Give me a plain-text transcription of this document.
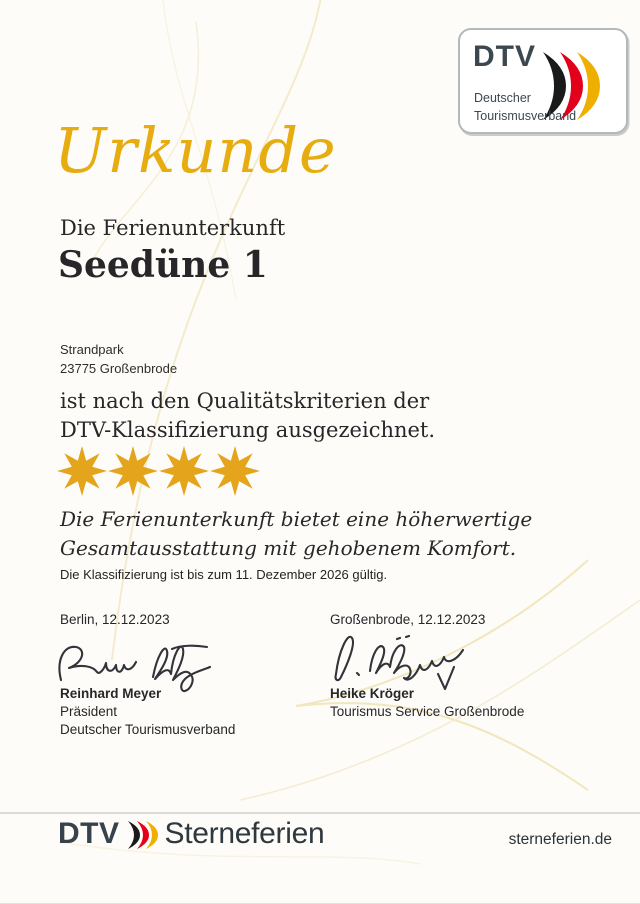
DTV
Deutscher
Tourismusverband
Urkunde
Die Ferienunterkunft
Seedüne 1
Strandpark
23775 Großenbrode
ist nach den Qualitätskriterien der
DTV-Klassifizierung ausgezeichnet.
Die Ferienunterkunft bietet eine höherwertige
Gesamtausstattung mit gehobenem Komfort.
Die Klassifizierung ist bis zum 11. Dezember 2026 gültig.
Berlin, 12.12.2023	Großenbrode, 12.12.2023
Reinhard Meyer
Präsident
Deutscher Tourismusverband
Heike Kröger
Tourismus Service Großenbrode
DTV Sterneferien	sterneferien.de
